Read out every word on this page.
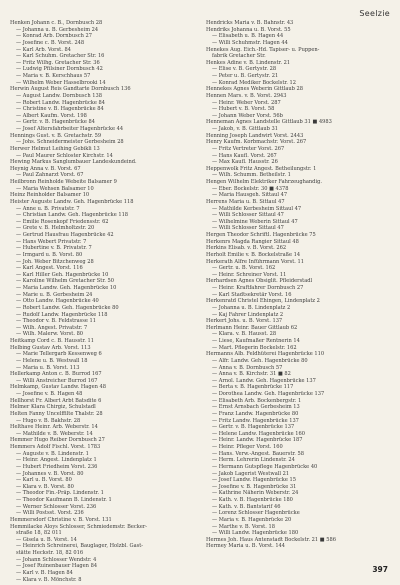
Seelzie
Henken Johann c. B., Dornbusch 28
— Johanna u. B. Gerbesheim 24
— Konrad Arb. Dornbusch 27
— Josefine c. B. Vorst. 248
— Karl Arb. Vorst. 84
— Karl Schuhm. Gretacher Str. 16
— Fritz Wilhg. Gretacher Str. 36
— Ludwig Pfilsiner Dornbusch 42
— Maria v. B. Kerschhaus 57
— Wilhelm Weber Hasselbrooki 14
Herwin August Reis Gandtarte Dornbusch 136
— August Landw. Dornbusch 138
— Robert Landw. Hagenbrücke 84
— Christine v. B. Hagenbrücke 84
— Albert Kaufm. Vorst. 198
— Gertr. v. B. Hagenbrücke 84
— Josef Altersfahrbeiter Hagenbrücke 44
Hennings Gust. v. B. Gretachstr. 59
— Johs. Schneidermeister Gerbesheim 28
Herwer Helmut Leihing Gebikli 13
— Paul Maurer Schloster Kirchstr. 14
Hewing Markus Sanglumbauer Landeskundeind.
Heynig Anna v. B. Vorst. 67
— Paul Zahnarzt Vorst. 67
Heilbronn Reinholde Webeite Balsamer 9
— Maria Wehsen Balsamer 10
Heinz Reinholder Balsamer 10
Heister Auguste Landw. Geh. Hagenbrücke 118
— Anne u. B. Privatstr. 7
— Christian Landw. Geh. Hagenbrücke 118
— Emilie Rosenkopf Friedensstr. 62
— Grete v. B. Helmholtzstr. 20
— Gertrud Hausfrau Hagenbrücke 42
— Hans Webert Privatstr. 7
— Hubertine v. B. Privatstr. 7
— Irmgard u. B. Vorst. 80
— Joh. Weber Bitzchenweg 28
— Karl Angest. Vorst. 116
— Karl Hiller Geh. Hagenbrücke 10
— Karoline Wilhelm Gretacher Str. 50
— Maria Landw. Geh. Hagenbrücke 10
— Marie u. B. Gerbesheim 24
— Otto Landw. Hagenbrücke 40
— Robert Landw. Geh. Hagenbrücke 80
— Rudolf Landw. Hagenbrücke 118
— Theodor v. B. Feldstrasse 11
— Wilh. Angest. Privatstr. 7
— Wilh. Malerw. Vorst. 80
Heitkamp Cord c. B. Hausstr. 11
Helbing Gustav Arb. Vorst. 113
— Marie Tellergarb Kessenweg 6
— Helene u. B. Westwall 18
— Maria u. B. Vorst. 113
Hellerkamp Anton c. B. Burrod 167
— Willi Anstreicher Burrod 167
Helmkamp, Gustav Landw. Hagen 48
— Josefine v. B. Hagen 48
Hellhorst Fr. Albert Arbt Batsdite 6
Helmer Klara Chirgiz, Schulstadl
Helten Fanny Uncelffilte Thalstr. 28
— Hugo v. B. Bakhstr. 28
Helthave Heinr. Arb. Weberstr. 14
— Mathilde v. B. Weberstr. 14
Hemmer Hugo Reiber Dornbusch 27
Hemmers Adolf Fischl. Vorst. 1783
— Auguste v. B. Lindenstr. 1
— Heinr. Angest. Lindenplatz 1
— Hubert Friedheim Vorst. 236
— Johannes v. B. Vorst. 80
— Karl u. B. Vorst. 80
— Klara v. B. Vorst. 80
— Theodor Fin.-Präp. Lindenstr. 1
— Theodor Kaufmann B. Lindenstr. 1
— Werner Schlosser Vorst. 236
— Willi Postsst. Vorst. 236
Hemmersdorf Christine v. B. Vorst. 131
Hemmilacke Aloys Schlosser, Schmiedemstr. Becker-
straße 18, 82 011
— Gisela u. B. Vorst. 14
— Heinrich Schreinerei, Bauglager, Holzbl. Gast-
stätte Heckstr. 18, 82 016
— Johann Schlosser Wendstr. 4
— Josef Ruinenbauer Hagen 84
— Karl v. B. Hagen 84
— Klara v. B. Mönchstr. 8
Hendricks Maria v. B. Bahnstr. 43
Hendriks Johanna u. B. Vorst. 55
— Elisabeth u. B. Hagen 44
— Willi Schuhmstr. Hagen 44
Henekes Aug. Eich.-Hd. Tapiser- u. Puppen-
fabrik Gretacher Str.
Henkes Adine v. B. Lindenstr. 21
— Elise v. B. Gertystr. 28
— Peter u. B. Gertystr. 21
— Konrad Mediker Bockelstr. 12
Hennekes Agnes Weberin Gittlaub 28
Hennen Mars. v. B. Vorst. 2943
— Heinr. Weber Vorst. 287
— Hubert v. B. Vorst. 58
— Johann Weber Vorst. 56b
Henneman Agnes Landstelle Gittlaub 31 ■ 4983
— Jakob, v. B. Gittlaub 31
Henning Joseph Landwirt Vorst. 2443
Henry Kaufm. Korbmachstr. Vorst. 267
— Fritz Vertreter Vorst. 267
— Hans Kaufl. Vorst. 267
— Max Kaufl. Hausstr. 26
Heppenwolk Fritz Angest. Betheilungstr. 1
— Wilh. Schumm. Betheilstr. 1
Hengen Wilhelm Elektriker Fahrzeughandig.
— Eber. Bockelstr. 30 ■ 4378
— Maria Hausgeh. Sittaul 47
Herrens Maria u. B. Sittaul 47
— Mathilde Kerbesheim Sittaul 47
— Willi Schlosser Sittaul 47
— Wilhelmine Weberin Sittaul 47
— Willi Schlosser Sittaul 47
Hergen Theodor Schriftl. Hagenbrücke 75
Herkenrs Magda Rangier Sittaul 48
Herkins Elisab. v. B. Vorst. 262
Herholt Emilie v. B. Bockelstraße 14
Herkerath Alfre Inführmann Vorst. 11
— Gertr. u. B. Vorst. 162
— Heinr. Schreiner Vorst. 11
Herhardsen Agnes Obsiglit. Pfleiderstadl
— Heinr. Kraftfahrer Dornbusch 27
— Karl Stadtsekretär Vorst. 16
Herkenratd Christel Ehingen, Lindenplatz 2
— Johanna u. B. Lindenplatz 2
— Kaj Fahrer Lindenplatz 2
Herkert Johs. u. B. Vorst. 137
Herlmann Heinr. Bauer Gittlaub 62
— Klara. v. B. Hausst. 28
— Liese, Kaufmaßer Rentnerin 14
— Mart. Pflegerin Bockelstr. 162
Hermanns Alb. Feldhüterei Hagenbrücke 110
— Alfr. Landw. Geh. Hagenbrücke 80
— Anna v. B. Dornbusch 57
— Anna v. B. Kirchstr. 31 ■ 82
— Arnol. Landw. Geh. Hagenbrücke 137
— Berta v. B. Hagenbrücke 117
— Dorothea Landw. Geh. Hagenbrücke 137
— Elisabeth Arb. Bockenbergstr. 1
— Ernst Arnsbach Gerbesheim 13
— Franz Landw. Hagenbrücke 80
— Fritz Landw. Hagenbrücke 137
— Gertr. v. B. Hagenbrücke 137
— Helene Landw. Hagenbrücke 160
— Heinr. Landw. Hagenbrücke 187
— Heinr. Pfleger Vorst. 160
— Hans. Verw.-Angest. Bauerstr. 58
— Herm. Lehrerin Lindenstr. 24
— Hermann Gutspflege Hagenbrücke 40
— Jakob Lagerist Westwall 21
— Josef Landw. Hagenbrücke 15
— Josefine v. B. Hagenbrücke 31
— Kathrine Näherin Weberstr. 24
— Kath. v. B. Hagenbrücke 180
— Kath. v. B. Bantstarif 46
— Lorenz Schlosser Hagenbrücke
— Maria v. B. Hagenbrücke 20
— Marthe v. B. Vorst. 18
— Willi Landw. Hagenbrücke 180
Hermes Joh. Haus Antenstadt Bockelstr. 21 ■ 586
Hermey Maria u. B. Vorst. 144
397
